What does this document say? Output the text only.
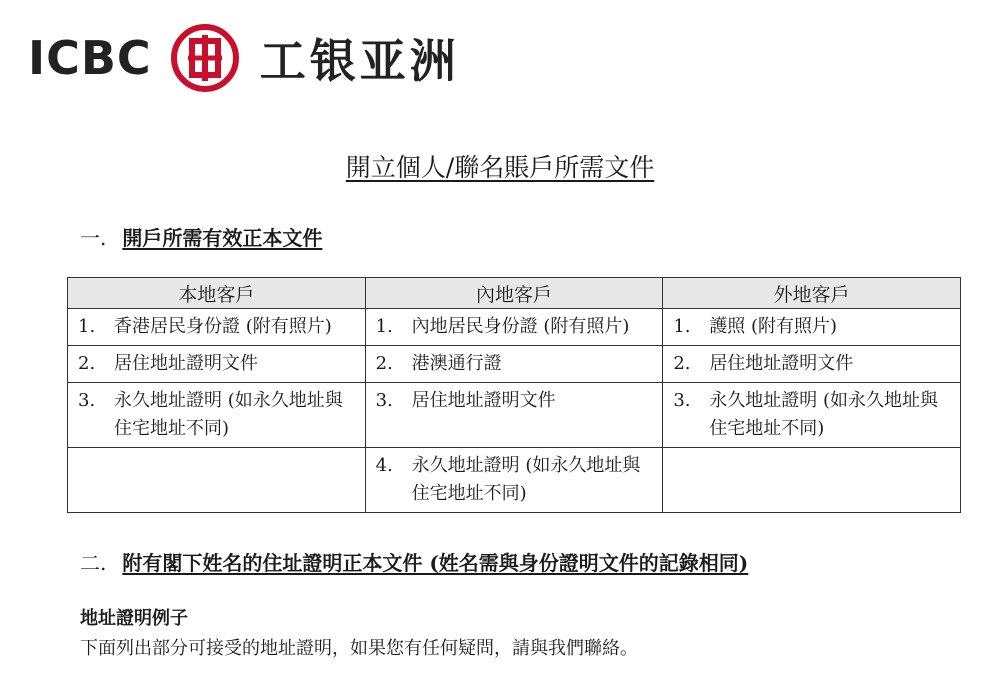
ICBC 工银亚洲
開立個人/聯名賬戶所需文件
一. 開戶所需有效正本文件
本地客戶	內地客戶	外地客戶

1. 香港居民身份證 (附有照片)	1. 內地居民身份證 (附有照片)	1. 護照 (附有照片)

2. 居住地址證明文件	2. 港澳通行證	2. 居住地址證明文件

3. 永久地址證明 (如永久地址與住宅地址不同)	3. 居住地址證明文件	3. 永久地址證明 (如永久地址與住宅地址不同)

	4. 永久地址證明 (如永久地址與住宅地址不同)	

二. 附有閣下姓名的住址證明正本文件 (姓名需與身份證明文件的記錄相同)
地址證明例子
下面列出部分可接受的地址證明，如果您有任何疑問，請與我們聯絡。
